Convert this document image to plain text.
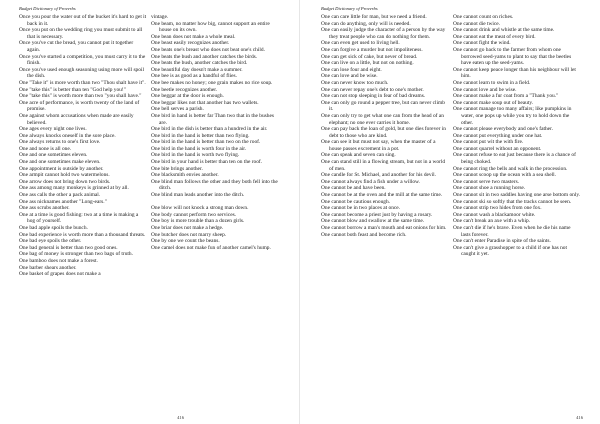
Budget Dictionary of Proverbs
Once you pour the water out of the bucket it's hard to get it back in it.
Once you put on the wedding ring you must submit to all that is necessary.
Once you've cut the bread, you cannot put it together again.
Once you've started a competition, you must carry it to the finish.
Once you've used enough seasoning using more will spoil the dish.
One "Take it" is more worth than two "Thou shalt have it".
One "take this" is better than ten "God help you!"
One "take this" is worth more than two "you shall have."
One acre of performance, is worth twenty of the land of promise.
One against whom accusations when made are easily believed.
One ages every night one lives.
One always knocks oneself in the sore place.
One always returns to one's first love.
One and none is all one.
One and one sometimes eleven.
One and one sometimes make eleven.
One appointment is outside by another.
One armpit cannot hold two watermelons.
One arrow does not bring down two birds.
One ass among many monkeys is grinned at by all.
One ass calls the other a pack animal.
One ass nicknames another "Long-ears."
One ass scrubs another.
One at a time is good fishing: two at a time is making a hog of yourself.
One bad apple spoils the bunch.
One bad experience is worth more than a thousand threats.
One bad eye spoils the other.
One bad general is better than two good ones.
One bag of money is stronger than two bags of truth.
One bamboo does not make a forest.
One barber shears another.
One basket of grapes does not make a
vintage.
One beam, no matter how big, cannot support an entire house on its own.
One bean does not make a whole meal.
One beast easily recognizes another.
One beats one's breast who does not beat one's child.
One beats the bush and another catches the birds.
One beats the bush, another catches the bird.
One beautiful day doesn't make a summer.
One bee is as good as a handful of flies.
One bee makes no honey; one grain makes no rice soup.
One beetle recognizes another.
One beggar at the door is enough.
One beggar likes not that another has two wallets.
One bell serves a parish.
One bird in hand is better far Than two that in the bushes are.
One bird in the dish is better than a hundred in the air.
One bird in the hand is better than two flying.
One bird in the hand is better than two on the roof.
One bird in the hand is worth four in the air.
One bird in the hand is worth two flying.
One bird in your hand is better than ten on the roof.
One bite brings another.
One blacksmith envies another.
One blind man follows the other and they both fell into the ditch.
One blind man leads another into the ditch.
One blow will not knock a strong man down.
One body cannot perform two services.
One boy is more trouble than a dozen girls.
One briar does not make a hedge.
One butcher does not marry sheep.
One by one we count the beans.
One camel does not make fun of another camel's hump.
416
Budget Dictionary of Proverbs
One can care little for man, but we need a friend.
One can do anything, only will is needed.
One can easily judge the character of a person by the way they treat people who can do nothing for them.
One can even get used to living hell.
One can forgive a murder but not impoliteness.
One can get sick of cake, but never of bread.
One can live on a little, but not on nothing.
One can lose four and eight.
One can love and be wise.
One can never know too much.
One can never repay one's debt to one's mother.
One can not stop sleeping in fear of bad dreams.
One can only go round a pepper tree, but can never climb it.
One can only try to get what one can from the head of an elephant; no one ever carries it home.
One can pay back the loan of gold, but one dies forever in debt to those who are kind.
One can see it but must not say, when the master of a house passes excrement in a pot.
One can speak and seven can sing.
One can stand still in a flowing stream, but not in a world of men.
One candle for St. Michael, and another for his devil.
One cannot always find a fish under a willow.
One cannot be and have been.
One cannot be at the oven and the mill at the same time.
One cannot be cautious enough.
One cannot be in two places at once.
One cannot become a priest just by having a rosary.
One cannot blow and swallow at the same time.
One cannot borrow a man's mouth and eat onions for him.
One cannot both feast and become rich.
One cannot count on riches.
One cannot die twice.
One cannot drink and whistle at the same time.
One cannot eat the meat of every bird.
One cannot fight the wind.
One cannot go back to the farmer from whom one borrowed seed-yams to plant to say that the beetles have eaten up the seed-yams.
One cannot keep peace longer than his neighbour will let him.
One cannot learn to swim in a field.
One cannot love and be wise.
One cannot make a fur coat from a "Thank you."
One cannot make soup out of beauty.
One cannot manage too many affairs; like pumpkins in water, one pops up while you try to hold down the other.
One cannot please everybody and one's father.
One cannot put everything under one hat.
One cannot put wit the with fire.
One cannot quarrel without an opponent.
One cannot refuse to eat just because there is a chance of being choked.
One cannot ring the bells and walk in the procession.
One cannot scoop up the ocean with a sea shell.
One cannot serve two masters.
One cannot shoe a running horse.
One cannot sit in two saddles having one arse bottom only.
One cannot ski so softly that the tracks cannot be seen.
One cannot strip two hides from one fox.
One cannot wash a blackamoor white.
One can't break an axe with a whip.
One can't die if he's brave. Even when he die his name lasts forever.
One can't enter Paradise in spite of the saints.
One can't give a grasshopper to a child if one has not caught it yet.
416
